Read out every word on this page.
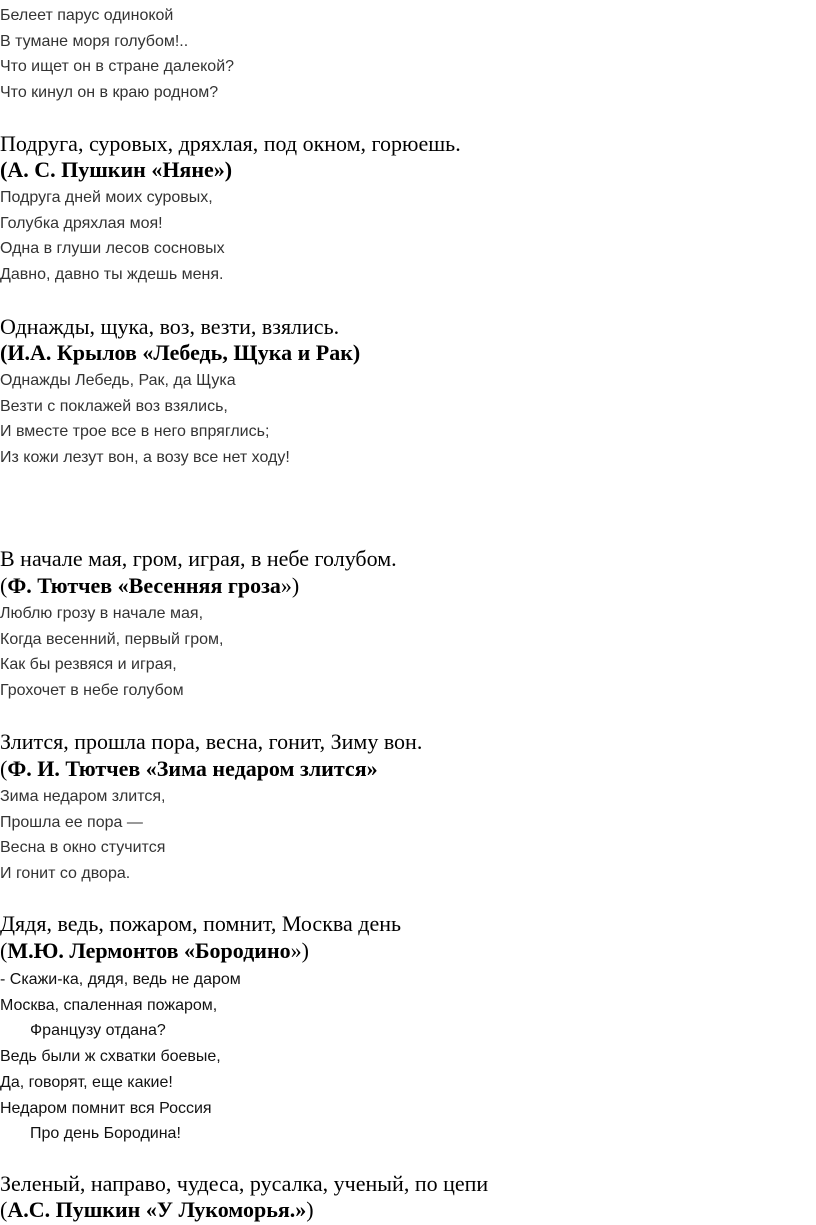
Белеет парус одинокой
В тумане моря голубом!..
Что ищет он в стране далекой?
Что кинул он в краю родном?

Подруга, суровых, дряхлая, под окном, горюешь.

(А. С. Пушкин «Няне»)

Подруга дней моих суровых,
Голубка дряхлая моя!
Одна в глуши лесов сосновых
Давно, давно ты ждешь меня.

Однажды, щука, воз, везти, взялись.

(И.А. Крылов «Лебедь, Щука и Рак)

Однажды Лебедь, Рак, да Щука
Везти с поклажей воз взялись,
И вместе трое все в него впряглись;
Из кожи лезут вон, а возу все нет ходу!

В начале мая, гром, играя, в небе голубом.

(Ф. Тютчев «Весенняя гроза»)

Люблю грозу в начале мая,
Когда весенний, первый гром,
Как бы резвяся и играя,
Грохочет в небе голубом

Злится, прошла пора, весна, гонит, Зиму вон.

(Ф. И. Тютчев «Зима недаром злится»

Зима недаром злится,
Прошла ее пора —
Весна в окно стучится
И гонит со двора.

Дядя, ведь, пожаром, помнит, Москва день

(М.Ю. Лермонтов «Бородино»)

- Скажи-ка, дядя, ведь не даром
Москва, спаленная пожаром,
Французу отдана?
Ведь были ж схватки боевые,
Да, говорят, еще какие!
Недаром помнит вся Россия
Про день Бородина!

Зеленый, направо, чудеса, русалка, ученый, по цепи

(А.С. Пушкин «У Лукоморья.»)
